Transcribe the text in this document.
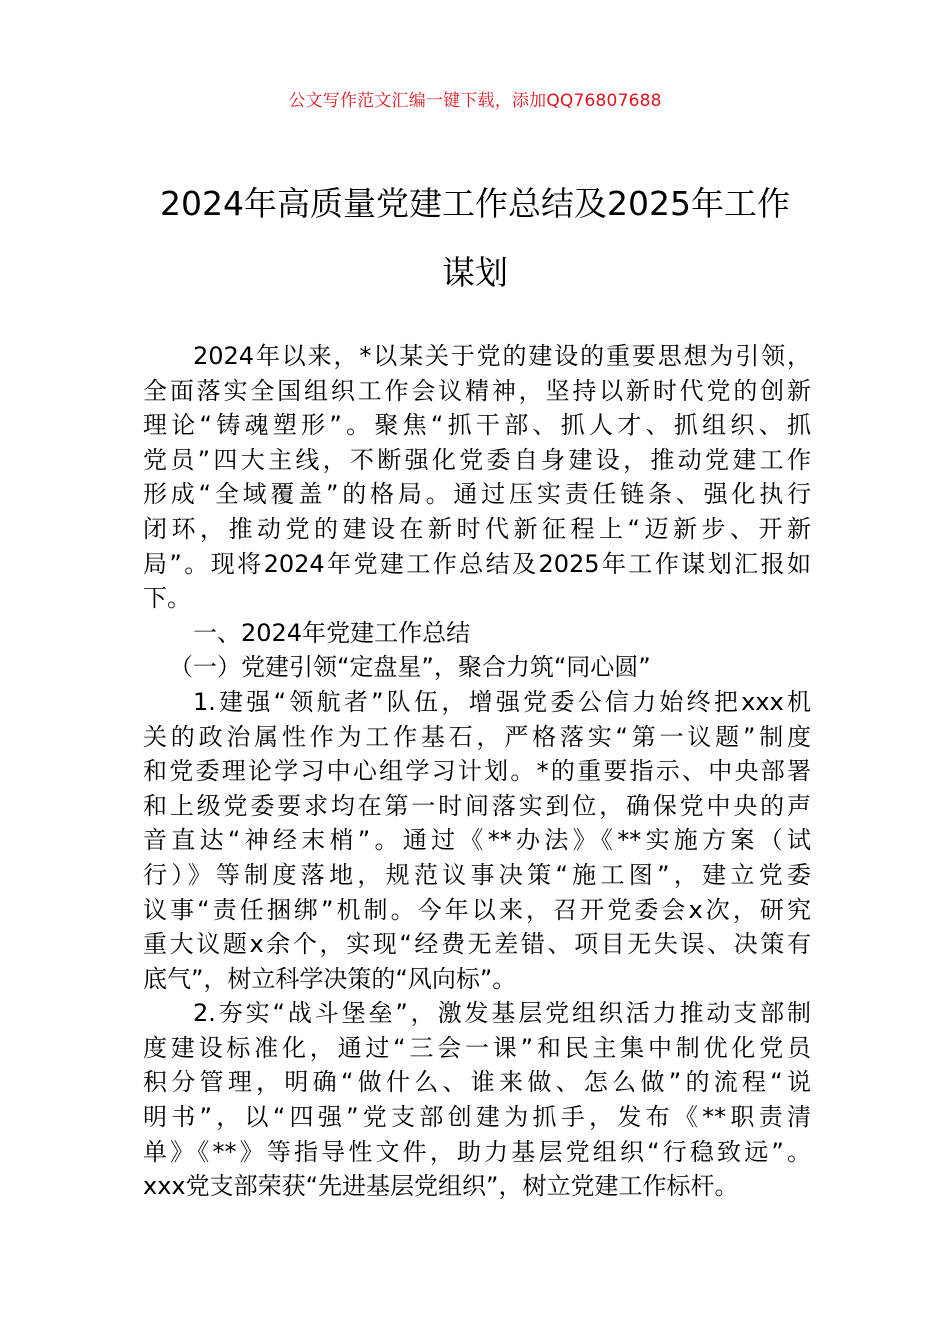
公文写作范文汇编一键下载，添加QQ76807688
2024年高质量党建工作总结及2025年工作
谋划

2024年以来，*以某关于党的建设的重要思想为引领，
全面落实全国组织工作会议精神，坚持以新时代党的创新
理论“铸魂塑形”。聚焦“抓干部、抓人才、抓组织、抓
党员”四大主线，不断强化党委自身建设，推动党建工作
形成“全域覆盖”的格局。通过压实责任链条、强化执行
闭环，推动党的建设在新时代新征程上“迈新步、开新
局”。现将2024年党建工作总结及2025年工作谋划汇报如
下。

一、2024年党建工作总结

（一）党建引领“定盘星”，聚合力筑“同心圆”

1.建强“领航者”队伍，增强党委公信力始终把xxx机
关的政治属性作为工作基石，严格落实“第一议题”制度
和党委理论学习中心组学习计划。*的重要指示、中央部署
和上级党委要求均在第一时间落实到位，确保党中央的声
音直达“神经末梢”。通过《**办法》《**实施方案（试
行）》等制度落地，规范议事决策“施工图”，建立党委
议事“责任捆绑”机制。今年以来，召开党委会x次，研究
重大议题x余个，实现“经费无差错、项目无失误、决策有
底气”，树立科学决策的“风向标”。

2.夯实“战斗堡垒”，激发基层党组织活力推动支部制
度建设标准化，通过“三会一课”和民主集中制优化党员
积分管理，明确“做什么、谁来做、怎么做”的流程“说
明书”，以“四强”党支部创建为抓手，发布《**职责清
单》《**》等指导性文件，助力基层党组织“行稳致远”。
xxx党支部荣获“先进基层党组织”，树立党建工作标杆。
